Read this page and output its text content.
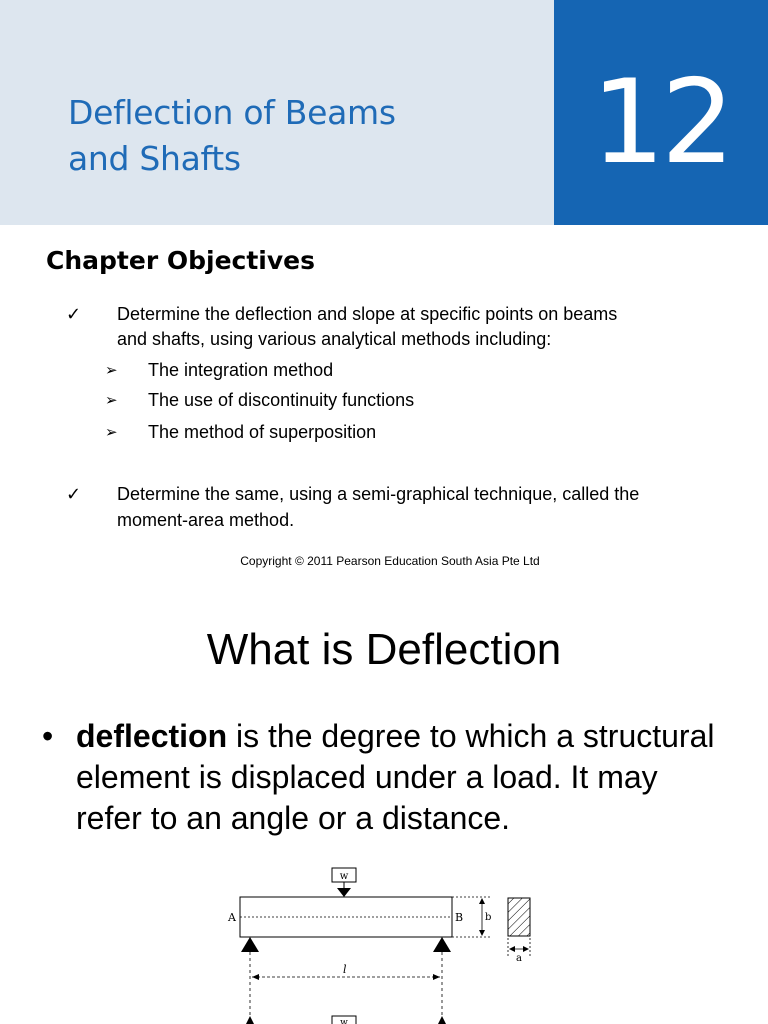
Deflection of Beams
and Shafts	12
Chapter Objectives
✓ Determine the deflection and slope at specific points on beams
and shafts, using various analytical methods including:
➢ The integration method
➢ The use of discontinuity functions
➢ The method of superposition
✓ Determine the same, using a semi-graphical technique, called the
moment-area method.
Copyright © 2011 Pearson Education South Asia Pte Ltd
What is Deflection
• deflection is the degree to which a structural element is displaced under a load. It may refer to an angle or a distance.
w
A	B
l
b
a
w
